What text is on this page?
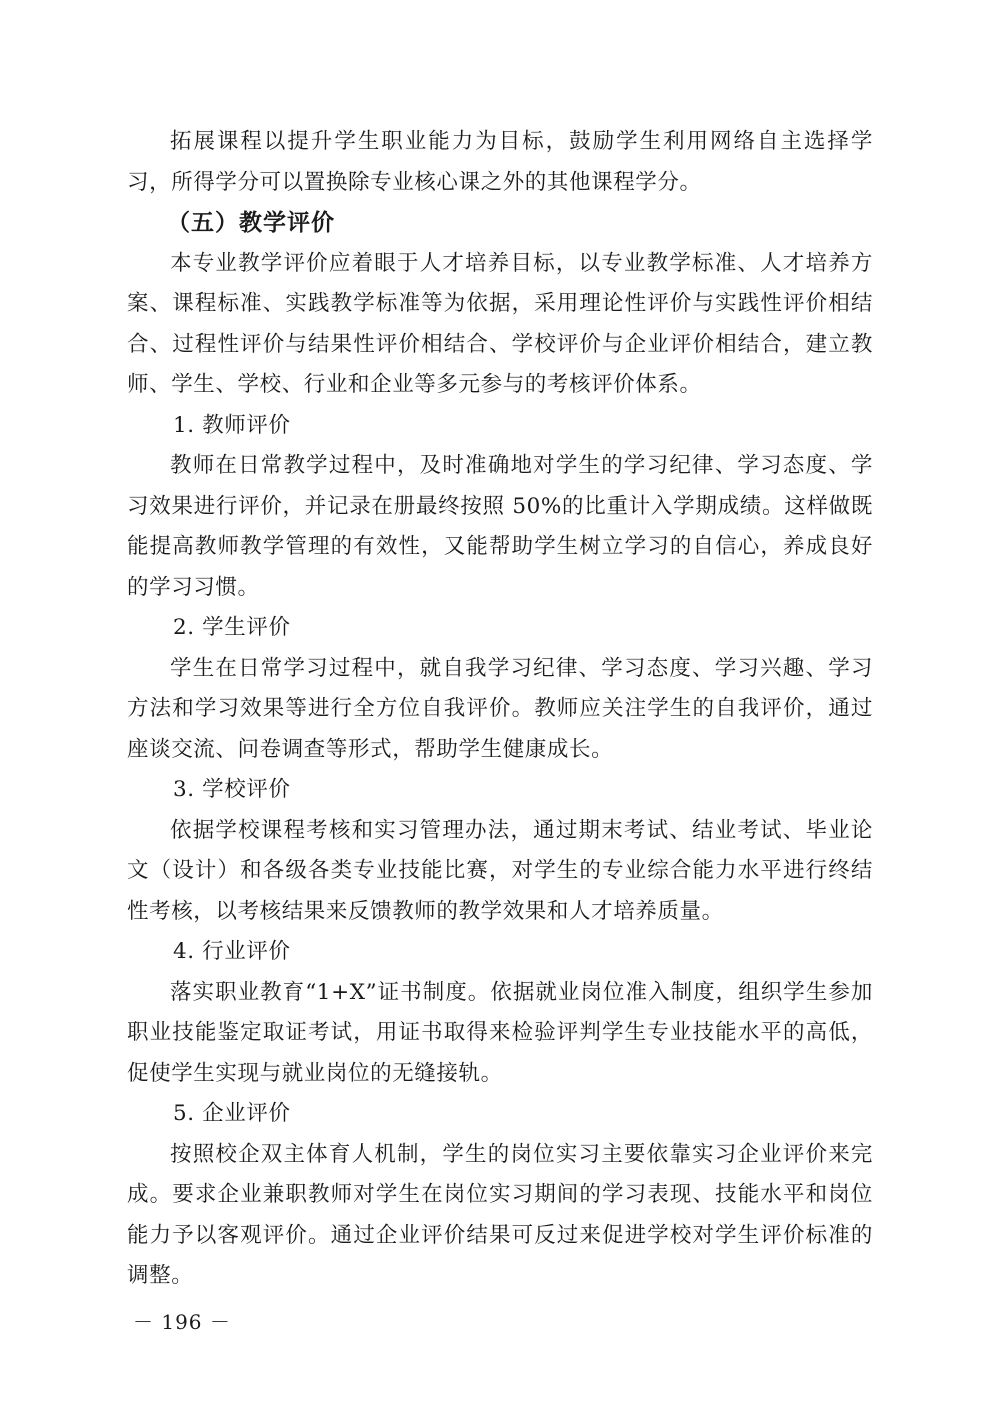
拓展课程以提升学生职业能力为目标，鼓励学生利用网络自主选择学习，所得学分可以置换除专业核心课之外的其他课程学分。

（五）教学评价

本专业教学评价应着眼于人才培养目标，以专业教学标准、人才培养方案、课程标准、实践教学标准等为依据，采用理论性评价与实践性评价相结合、过程性评价与结果性评价相结合、学校评价与企业评价相结合，建立教师、学生、学校、行业和企业等多元参与的考核评价体系。

1. 教师评价

教师在日常教学过程中，及时准确地对学生的学习纪律、学习态度、学习效果进行评价，并记录在册最终按照 50%的比重计入学期成绩。这样做既能提高教师教学管理的有效性，又能帮助学生树立学习的自信心，养成良好的学习习惯。

2. 学生评价

学生在日常学习过程中，就自我学习纪律、学习态度、学习兴趣、学习方法和学习效果等进行全方位自我评价。教师应关注学生的自我评价，通过座谈交流、问卷调查等形式，帮助学生健康成长。

3. 学校评价

依据学校课程考核和实习管理办法，通过期末考试、结业考试、毕业论文（设计）和各级各类专业技能比赛，对学生的专业综合能力水平进行终结性考核，以考核结果来反馈教师的教学效果和人才培养质量。

4. 行业评价

落实职业教育“1+X”证书制度。依据就业岗位准入制度，组织学生参加职业技能鉴定取证考试，用证书取得来检验评判学生专业技能水平的高低，促使学生实现与就业岗位的无缝接轨。

5. 企业评价

按照校企双主体育人机制，学生的岗位实习主要依靠实习企业评价来完成。要求企业兼职教师对学生在岗位实习期间的学习表现、技能水平和岗位能力予以客观评价。通过企业评价结果可反过来促进学校对学生评价标准的调整。

－ 196 －
